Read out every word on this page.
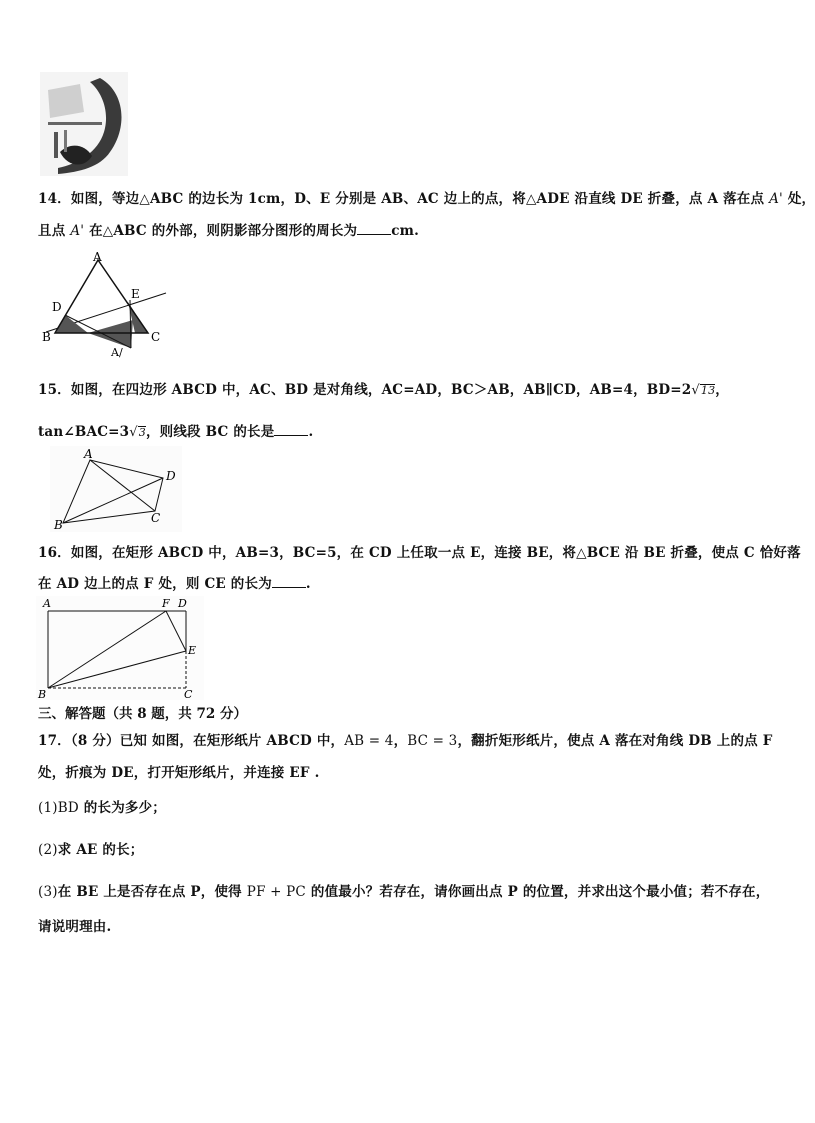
14．如图，等边△ABC 的边长为 1cm，D、E 分别是 AB、AC 边上的点，将△ADE 沿直线 DE 折叠，点 A 落在点 A' 处，
且点 A' 在△ABC 的外部，则阴影部分图形的周长为	cm.
A
B	C
D
E
A/
15．如图，在四边形 ABCD 中，AC、BD 是对角线，AC=AD，BC＞AB，AB∥CD，AB=4，BD=2√13，
tan∠BAC=3√3，则线段 BC 的长是	.
A
B	C
D
16．如图，在矩形 ABCD 中，AB=3，BC=5，在 CD 上任取一点 E，连接 BE，将△BCE 沿 BE 折叠，使点 C 恰好落
在 AD 边上的点 F 处，则 CE 的长为	.
A	F D
E
B	C
三、解答题（共 8 题，共 72 分）
17．（8 分）已知 如图，在矩形纸片 ABCD 中，AB = 4，BC = 3，翻折矩形纸片，使点 A 落在对角线 DB 上的点 F
处，折痕为 DE，打开矩形纸片，并连接 EF .
(1)BD 的长为多少；
(2)求 AE 的长；
(3)在 BE 上是否存在点 P，使得 PF + PC 的值最小？若存在，请你画出点 P 的位置，并求出这个最小值；若不存在，
请说明理由.
